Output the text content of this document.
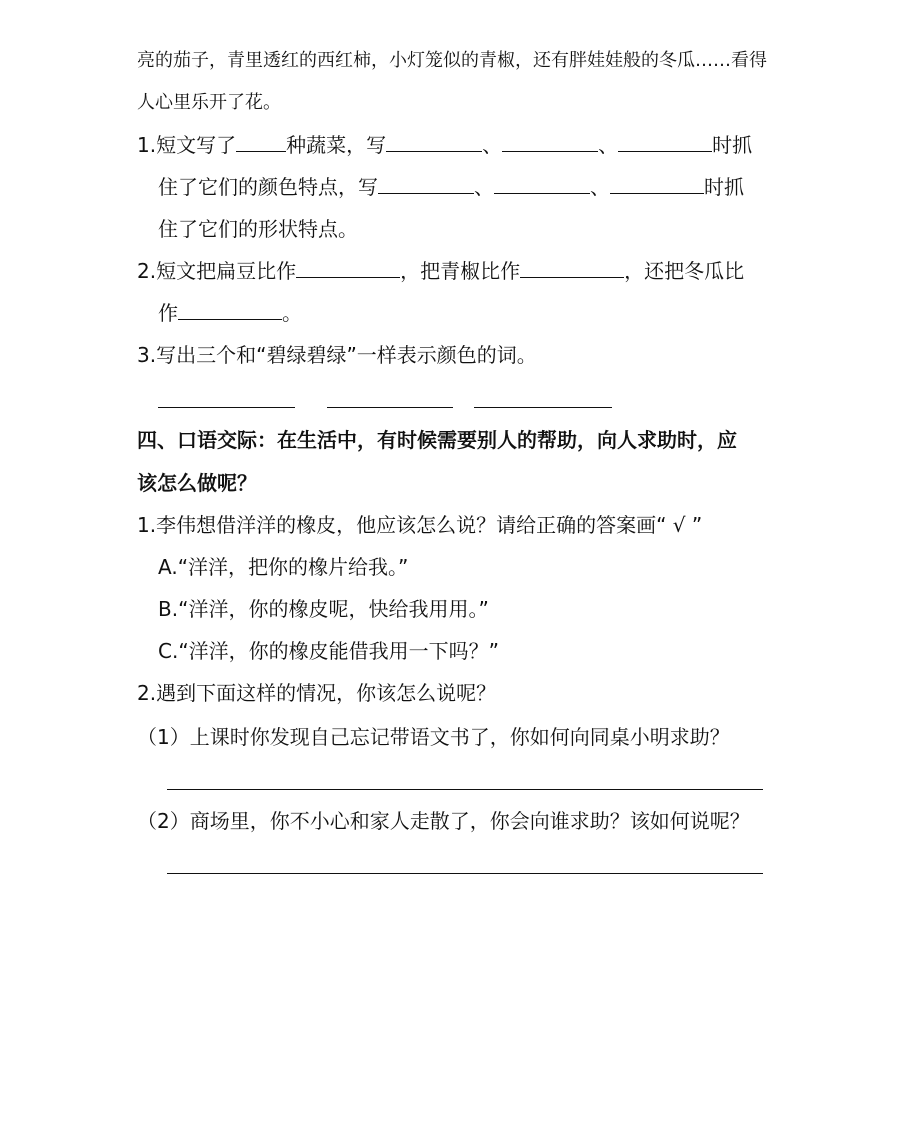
亮的茄子，青里透红的西红柿，小灯笼似的青椒，还有胖娃娃般的冬瓜……看得
人心里乐开了花。
1.短文写了	种蔬菜，写	、	、	时抓
住了它们的颜色特点，写	、	、	时抓
住了它们的形状特点。
2.短文把扁豆比作	，把青椒比作	，还把冬瓜比
作	。
3.写出三个和“碧绿碧绿”一样表示颜色的词。
四、口语交际：在生活中，有时候需要别人的帮助，向人求助时，应
该怎么做呢？
1.李伟想借洋洋的橡皮，他应该怎么说？请给正确的答案画“ √ ”
A.“洋洋，把你的橡片给我。”
B.“洋洋，你的橡皮呢，快给我用用。”
C.“洋洋，你的橡皮能借我用一下吗？”
2.遇到下面这样的情况，你该怎么说呢？
（1）上课时你发现自己忘记带语文书了，你如何向同桌小明求助？
（2）商场里，你不小心和家人走散了，你会向谁求助？该如何说呢？
